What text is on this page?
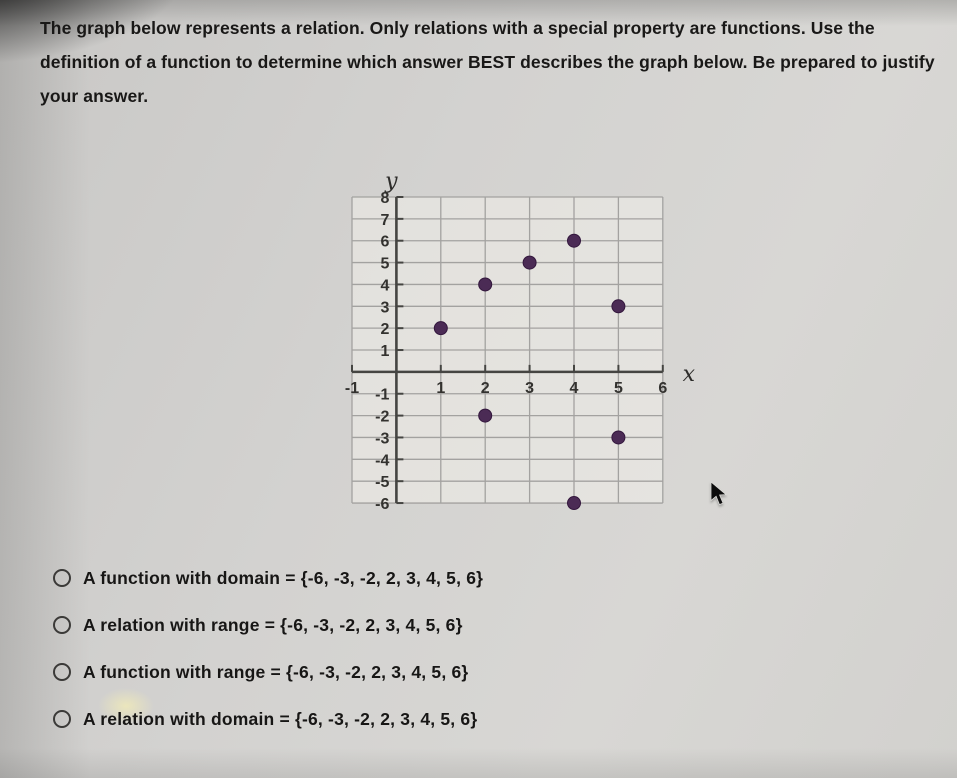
The graph below represents a relation. Only relations with a special property are functions. Use the definition of a function to determine which answer BEST describes the graph below. Be prepared to justify your answer.

-1	1 2 3 4 5 6
8
7
6
5
4
3
2
1
-1
-2
-3
-4
-5
-6
x
y
A function with domain = {-6, -3, -2, 2, 3, 4, 5, 6}
A relation with range = {-6, -3, -2, 2, 3, 4, 5, 6}
A function with range = {-6, -3, -2, 2, 3, 4, 5, 6}
A relation with domain = {-6, -3, -2, 2, 3, 4, 5, 6}
